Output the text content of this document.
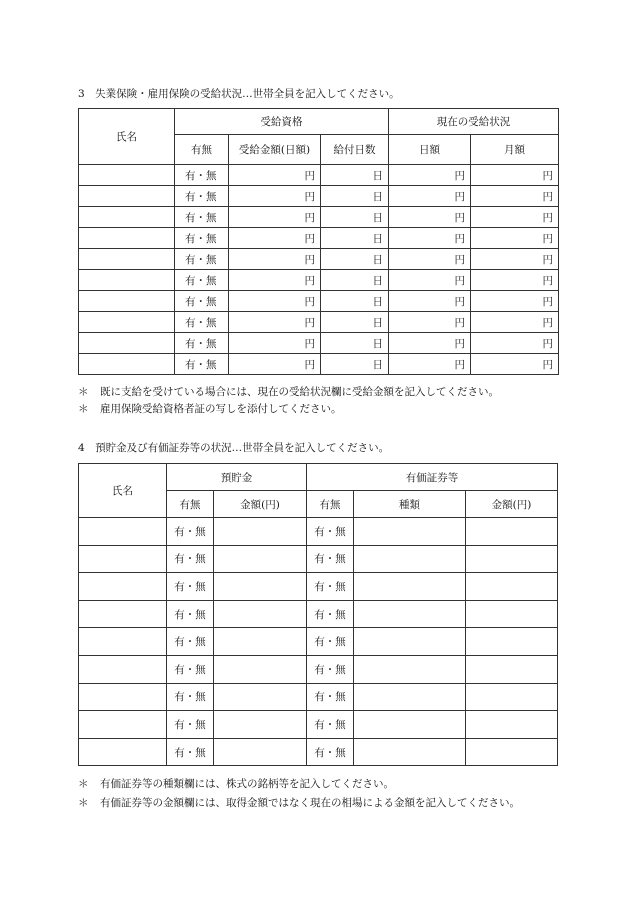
3　失業保険・雇用保険の受給状況…世帯全員を記入してください。
氏名	受給資格			現在の受給状況	
	有無	受給金額(日額)	給付日数	日額	月額
	有・無	円	日	円	円
	有・無	円	日	円	円
	有・無	円	日	円	円
	有・無	円	日	円	円
	有・無	円	日	円	円
	有・無	円	日	円	円
	有・無	円	日	円	円
	有・無	円	日	円	円
	有・無	円	日	円	円
	有・無	円	日	円	円
＊	既に支給を受けている場合には、現在の受給状況欄に受給金額を記入してください。
＊	雇用保険受給資格者証の写しを添付してください。
4　預貯金及び有価証券等の状況…世帯全員を記入してください。
氏名	預貯金		有価証券等		
	有無	金額(円)	有無	種類	金額(円)
	有・無		有・無		
	有・無		有・無		
	有・無		有・無		
	有・無		有・無		
	有・無		有・無		
	有・無		有・無		
	有・無		有・無		
	有・無		有・無		
	有・無		有・無		
＊	有価証券等の種類欄には、株式の銘柄等を記入してください。
＊	有価証券等の金額欄には、取得金額ではなく現在の相場による金額を記入してください。
